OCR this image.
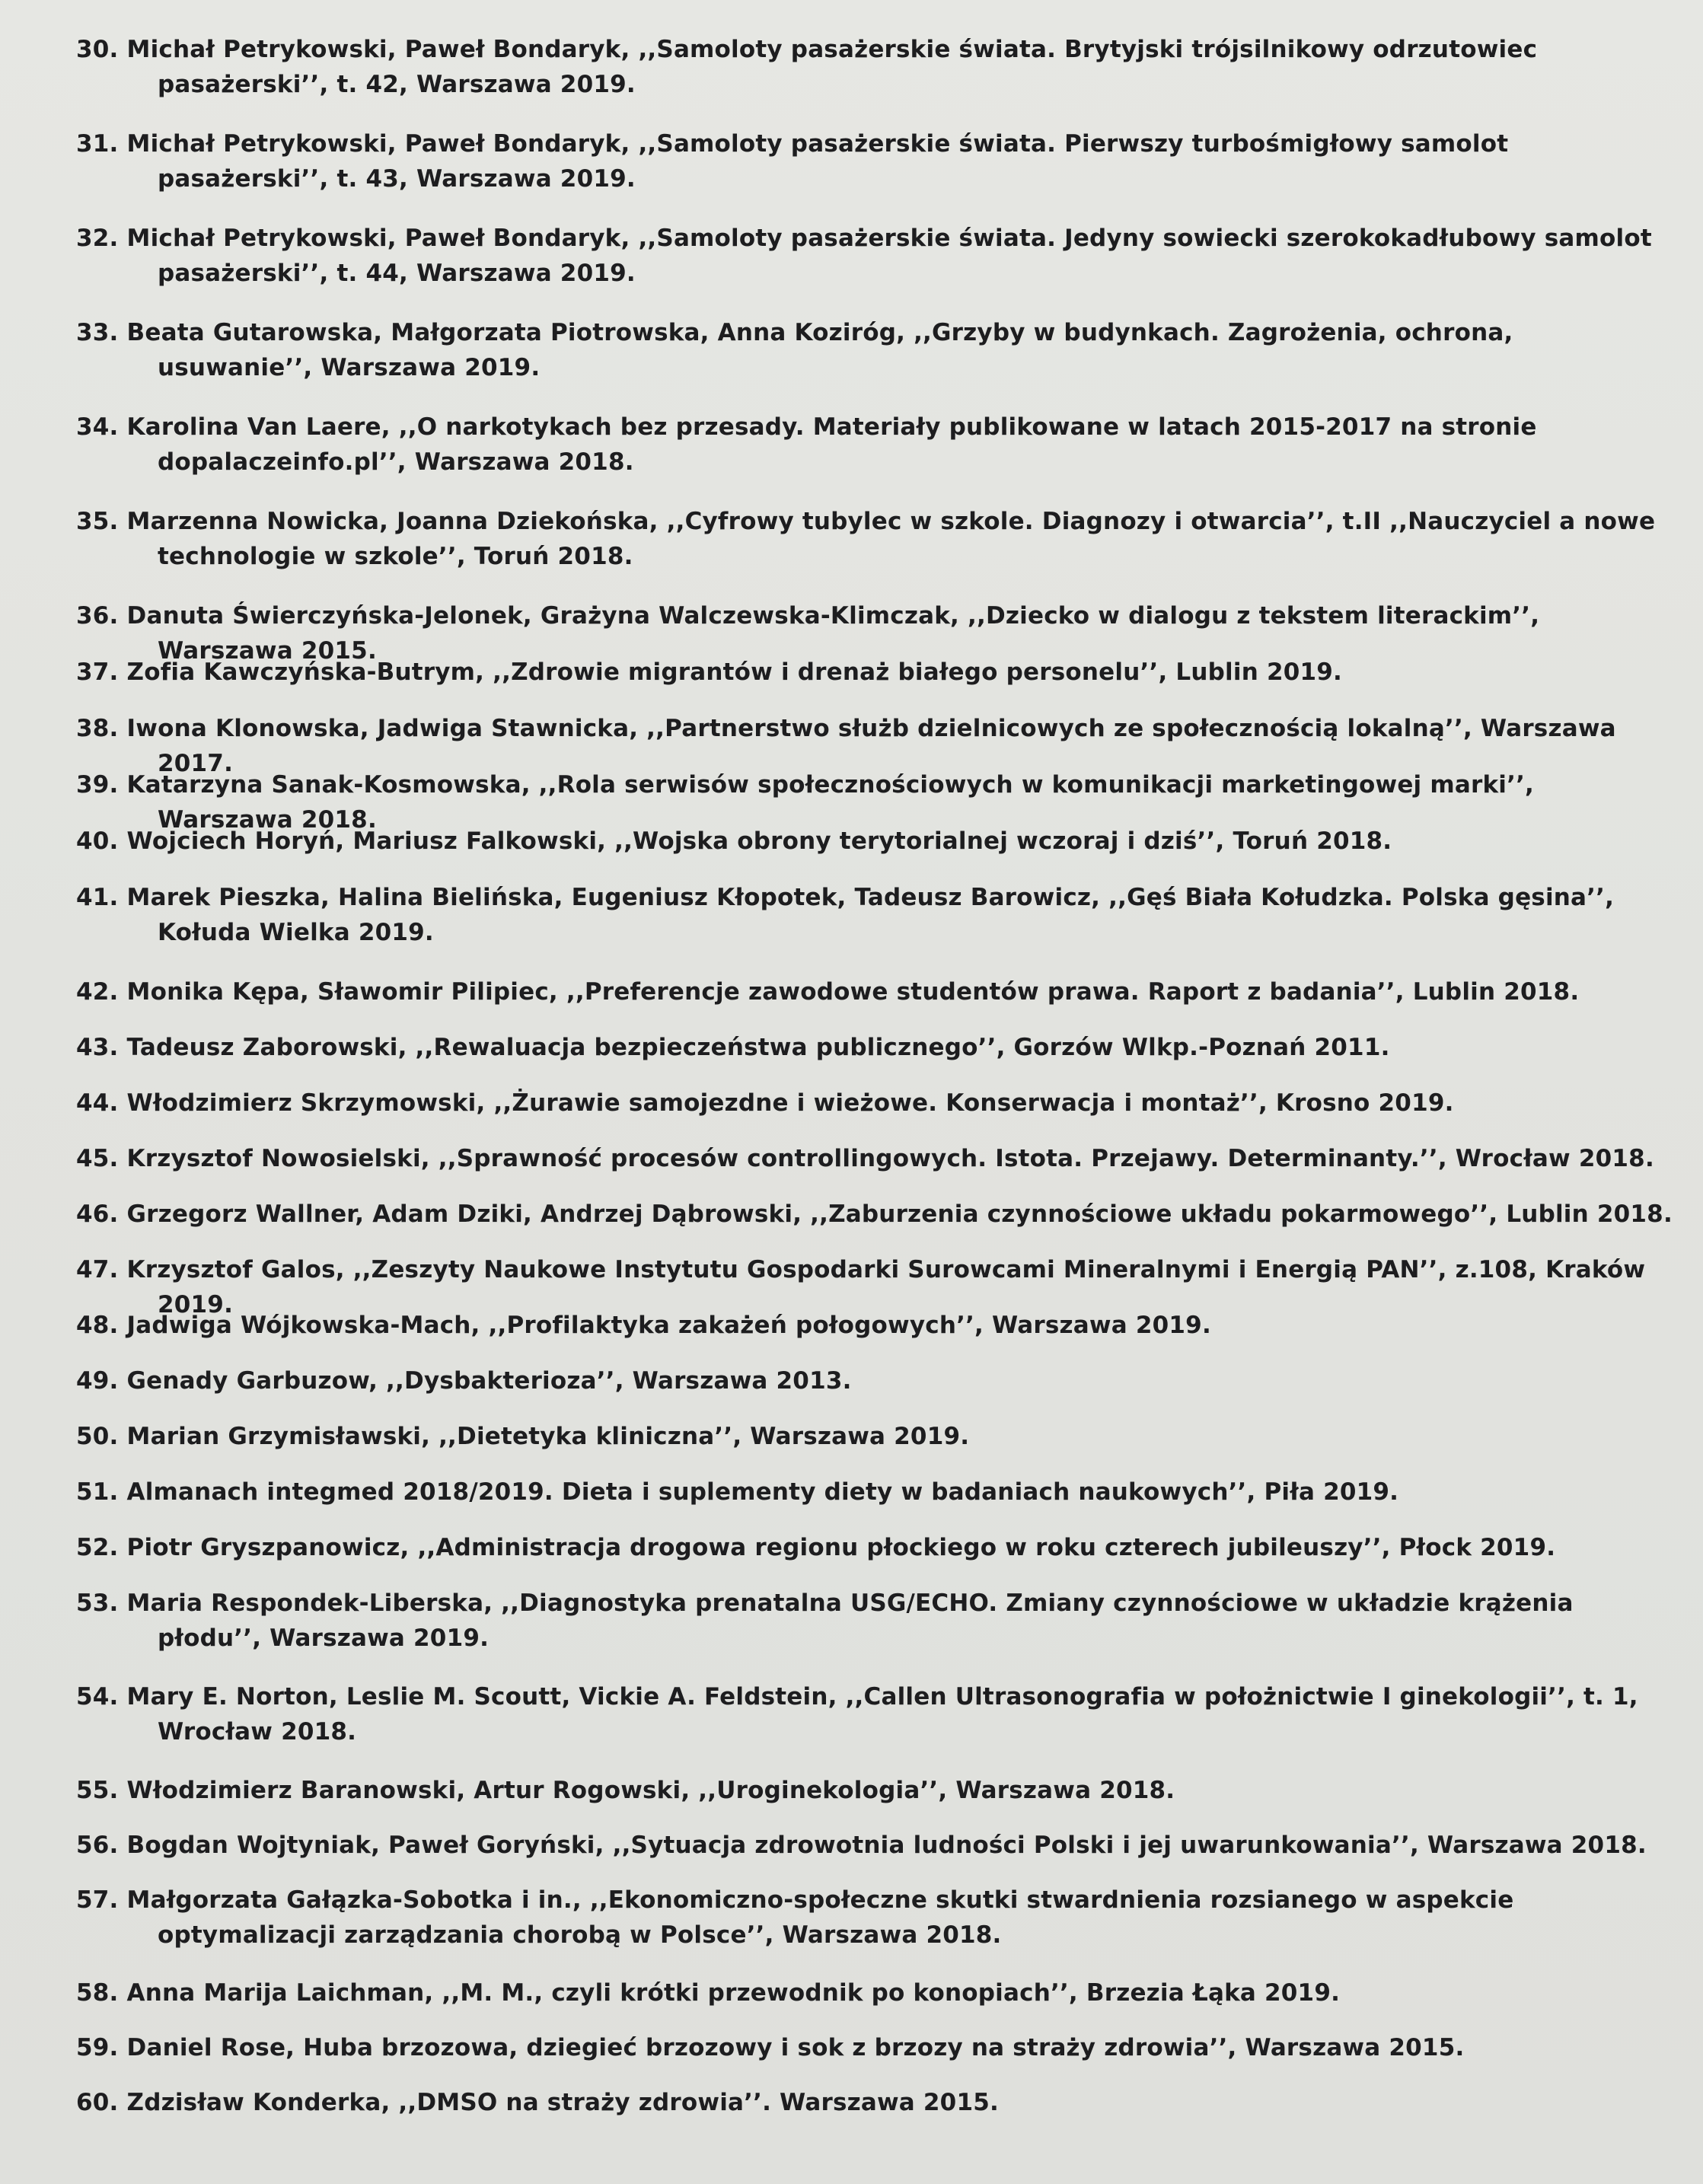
30. Michał Petrykowski, Paweł Bondaryk, ,,Samoloty pasażerskie świata. Brytyjski trójsilnikowy odrzutowiec pasażerski’’, t. 42, Warszawa 2019.
31. Michał Petrykowski, Paweł Bondaryk, ,,Samoloty pasażerskie świata. Pierwszy turbośmigłowy samolot pasażerski’’, t. 43, Warszawa 2019.
32. Michał Petrykowski, Paweł Bondaryk, ,,Samoloty pasażerskie świata. Jedyny sowiecki szerokokadłubowy samolot pasażerski’’, t. 44, Warszawa 2019.
33. Beata Gutarowska, Małgorzata Piotrowska, Anna Koziróg, ,,Grzyby w budynkach. Zagrożenia, ochrona, usuwanie’’, Warszawa 2019.
34. Karolina Van Laere, ,,O narkotykach bez przesady. Materiały publikowane w latach 2015-2017 na stronie dopalaczeinfo.pl’’, Warszawa 2018.
35. Marzenna Nowicka, Joanna Dziekońska, ,,Cyfrowy tubylec w szkole. Diagnozy i otwarcia’’, t.II ,,Nauczyciel a nowe technologie w szkole’’, Toruń 2018.
36. Danuta Świerczyńska-Jelonek, Grażyna Walczewska-Klimczak, ,,Dziecko w dialogu z tekstem literackim’’, Warszawa 2015.
37. Zofia Kawczyńska-Butrym, ,,Zdrowie migrantów i drenaż białego personelu’’, Lublin 2019.
38. Iwona Klonowska, Jadwiga Stawnicka, ,,Partnerstwo służb dzielnicowych ze społecznością lokalną’’, Warszawa 2017.
39. Katarzyna Sanak-Kosmowska, ,,Rola serwisów społecznościowych w komunikacji marketingowej marki’’, Warszawa 2018.
40. Wojciech Horyń, Mariusz Falkowski, ,,Wojska obrony terytorialnej wczoraj i dziś’’, Toruń 2018.
41. Marek Pieszka, Halina Bielińska, Eugeniusz Kłopotek, Tadeusz Barowicz, ,,Gęś Biała Kołudzka. Polska gęsina’’, Kołuda Wielka 2019.
42. Monika Kępa, Sławomir Pilipiec, ,,Preferencje zawodowe studentów prawa. Raport z badania’’, Lublin 2018.
43. Tadeusz Zaborowski, ,,Rewaluacja bezpieczeństwa publicznego’’, Gorzów Wlkp.-Poznań 2011.
44. Włodzimierz Skrzymowski, ,,Żurawie samojezdne i wieżowe. Konserwacja i montaż’’, Krosno 2019.
45. Krzysztof Nowosielski, ,,Sprawność procesów controllingowych. Istota. Przejawy. Determinanty.’’, Wrocław 2018.
46. Grzegorz Wallner, Adam Dziki, Andrzej Dąbrowski, ,,Zaburzenia czynnościowe układu pokarmowego’’, Lublin 2018.
47. Krzysztof Galos, ,,Zeszyty Naukowe Instytutu Gospodarki Surowcami Mineralnymi i Energią PAN’’, z.108, Kraków 2019.
48. Jadwiga Wójkowska-Mach, ,,Profilaktyka zakażeń połogowych’’, Warszawa 2019.
49. Genady Garbuzow, ,,Dysbakterioza’’, Warszawa 2013.
50. Marian Grzymisławski, ,,Dietetyka kliniczna’’, Warszawa 2019.
51. Almanach integmed 2018/2019. Dieta i suplementy diety w badaniach naukowych’’, Piła 2019.
52. Piotr Gryszpanowicz, ,,Administracja drogowa regionu płockiego w roku czterech jubileuszy’’, Płock 2019.
53. Maria Respondek-Liberska, ,,Diagnostyka prenatalna USG/ECHO. Zmiany czynnościowe w układzie krążenia płodu’’, Warszawa 2019.
54. Mary E. Norton, Leslie M. Scoutt, Vickie A. Feldstein, ,,Callen Ultrasonografia w położnictwie I ginekologii’’, t. 1, Wrocław 2018.
55. Włodzimierz Baranowski, Artur Rogowski, ,,Uroginekologia’’, Warszawa 2018.
56. Bogdan Wojtyniak, Paweł Goryński, ,,Sytuacja zdrowotnia ludności Polski i jej uwarunkowania’’, Warszawa 2018.
57. Małgorzata Gałązka-Sobotka i in., ,,Ekonomiczno-społeczne skutki stwardnienia rozsianego w aspekcie optymalizacji zarządzania chorobą w Polsce’’, Warszawa 2018.
58. Anna Marija Laichman, ,,M. M., czyli krótki przewodnik po konopiach’’, Brzezia Łąka 2019.
59. Daniel Rose, Huba brzozowa, dziegieć brzozowy i sok z brzozy na straży zdrowia’’, Warszawa 2015.
60. Zdzisław Konderka, ,,DMSO na straży zdrowia’’. Warszawa 2015.
